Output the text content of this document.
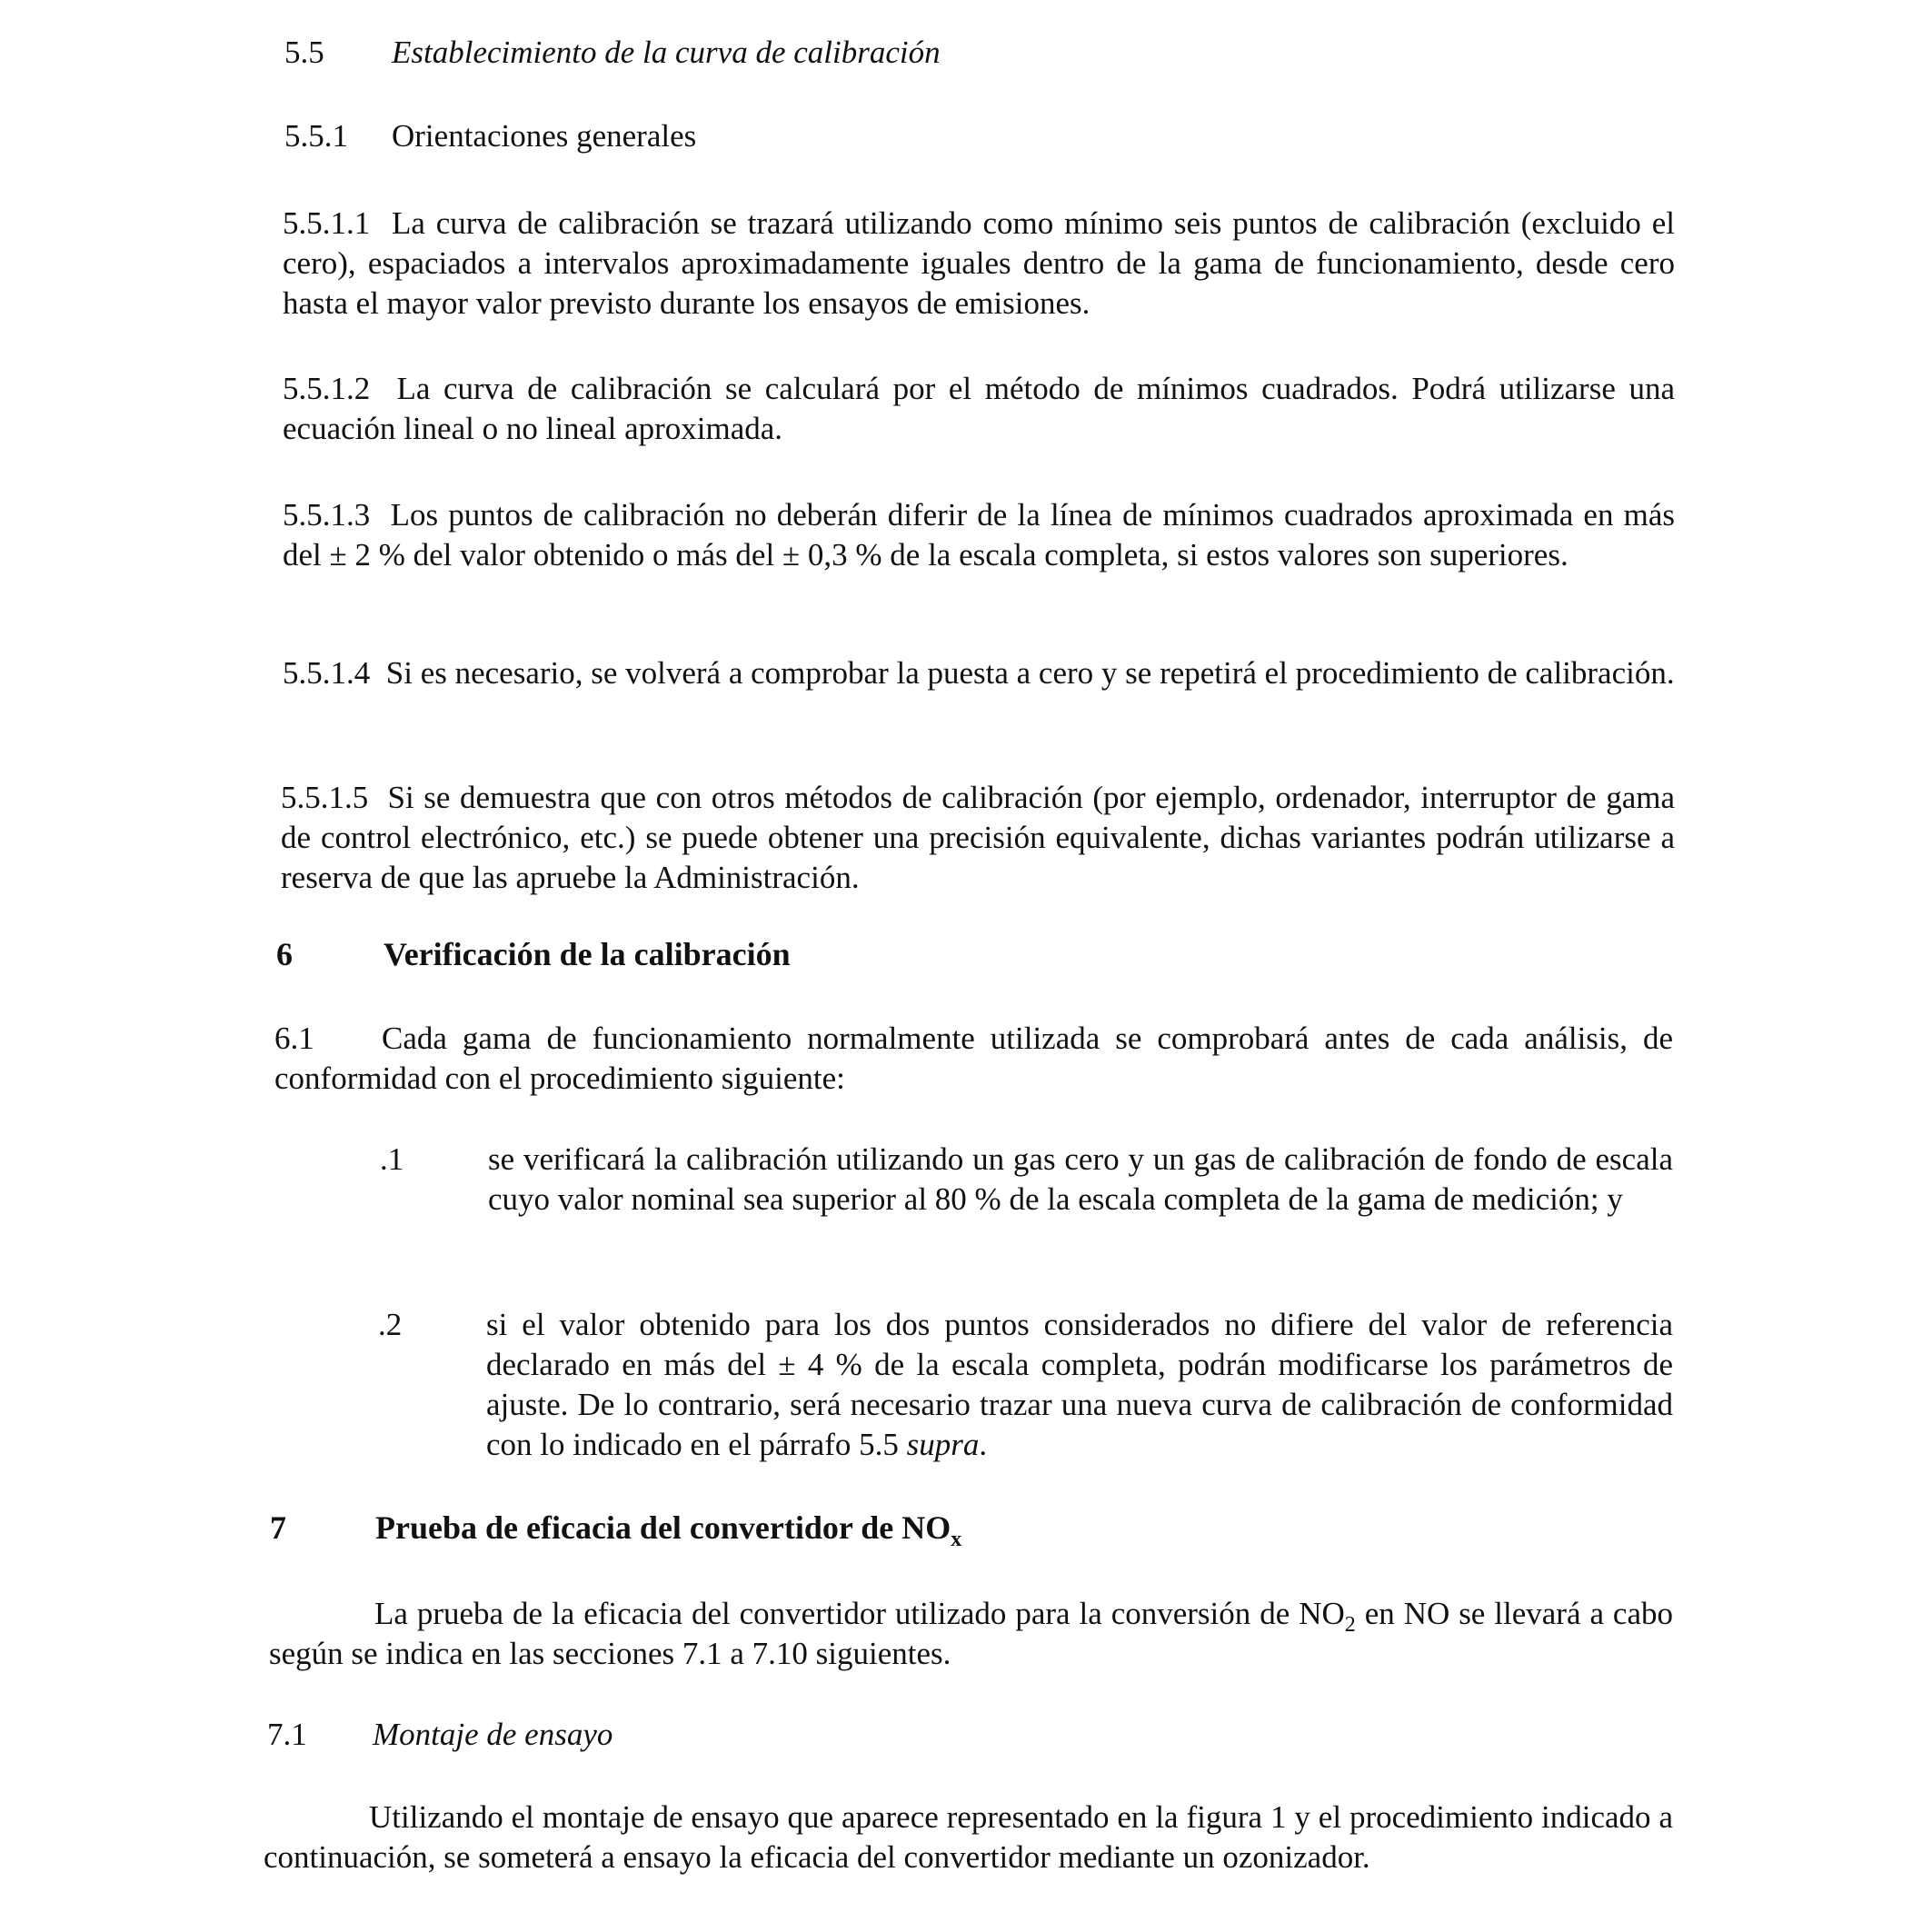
5.5 Establecimiento de la curva de calibración
5.5.1 Orientaciones generales
5.5.1.1 La curva de calibración se trazará utilizando como mínimo seis puntos de calibración (excluido el cero), espaciados a intervalos aproximadamente iguales dentro de la gama de funcionamiento, desde cero hasta el mayor valor previsto durante los ensayos de emisiones.
5.5.1.2 La curva de calibración se calculará por el método de mínimos cuadrados. Podrá utilizarse una ecuación lineal o no lineal aproximada.
5.5.1.3 Los puntos de calibración no deberán diferir de la línea de mínimos cuadrados aproximada en más del ± 2 % del valor obtenido o más del ± 0,3 % de la escala completa, si estos valores son superiores.
5.5.1.4 Si es necesario, se volverá a comprobar la puesta a cero y se repetirá el procedimiento de calibración.
5.5.1.5 Si se demuestra que con otros métodos de calibración (por ejemplo, ordenador, interruptor de gama de control electrónico, etc.) se puede obtener una precisión equivalente, dichas variantes podrán utilizarse a reserva de que las apruebe la Administración.
6	Verificación de la calibración
6.1 Cada gama de funcionamiento normalmente utilizada se comprobará antes de cada análisis, de conformidad con el procedimiento siguiente:
.1	se verificará la calibración utilizando un gas cero y un gas de calibración de fondo de escala cuyo valor nominal sea superior al 80 % de la escala completa de la gama de medición; y
.2	si el valor obtenido para los dos puntos considerados no difiere del valor de referencia declarado en más del ± 4 % de la escala completa, podrán modificarse los parámetros de ajuste. De lo contrario, será necesario trazar una nueva curva de calibración de conformidad con lo indicado en el párrafo 5.5 supra.
7	Prueba de eficacia del convertidor de $NO_x$
La prueba de la eficacia del convertidor utilizado para la conversión de $NO_2$ en NO se llevará a cabo según se indica en las secciones 7.1 a 7.10 siguientes.
7.1 Montaje de ensayo
Utilizando el montaje de ensayo que aparece representado en la figura 1 y el procedimiento indicado a continuación, se someterá a ensayo la eficacia del convertidor mediante un ozonizador.
